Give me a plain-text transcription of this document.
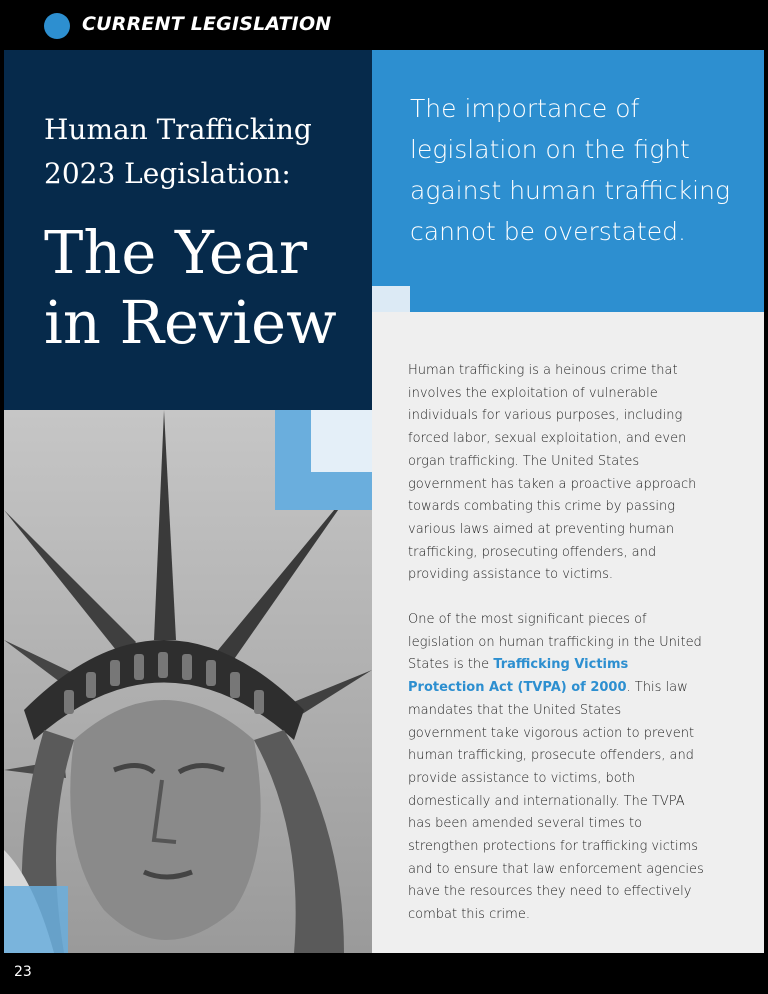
CURRENT LEGISLATION
Human Trafficking
2023 Legislation:
The Year
in Review
The importance of
legislation on the fight
against human trafficking
cannot be overstated.

Human trafficking is a heinous crime that involves the exploitation of vulnerable individuals for various purposes, including forced labor, sexual exploitation, and even organ trafficking. The United States government has taken a proactive approach towards combating this crime by passing various laws aimed at preventing human trafficking, prosecuting offenders, and providing assistance to victims.

One of the most significant pieces of legislation on human trafficking in the United States is the Trafficking Victims Protection Act (TVPA) of 2000. This law mandates that the United States government take vigorous action to prevent human trafficking, prosecute offenders, and provide assistance to victims, both domestically and internationally. The TVPA has been amended several times to strengthen protections for trafficking victims and to ensure that law enforcement agencies have the resources they need to effectively combat this crime.

23
